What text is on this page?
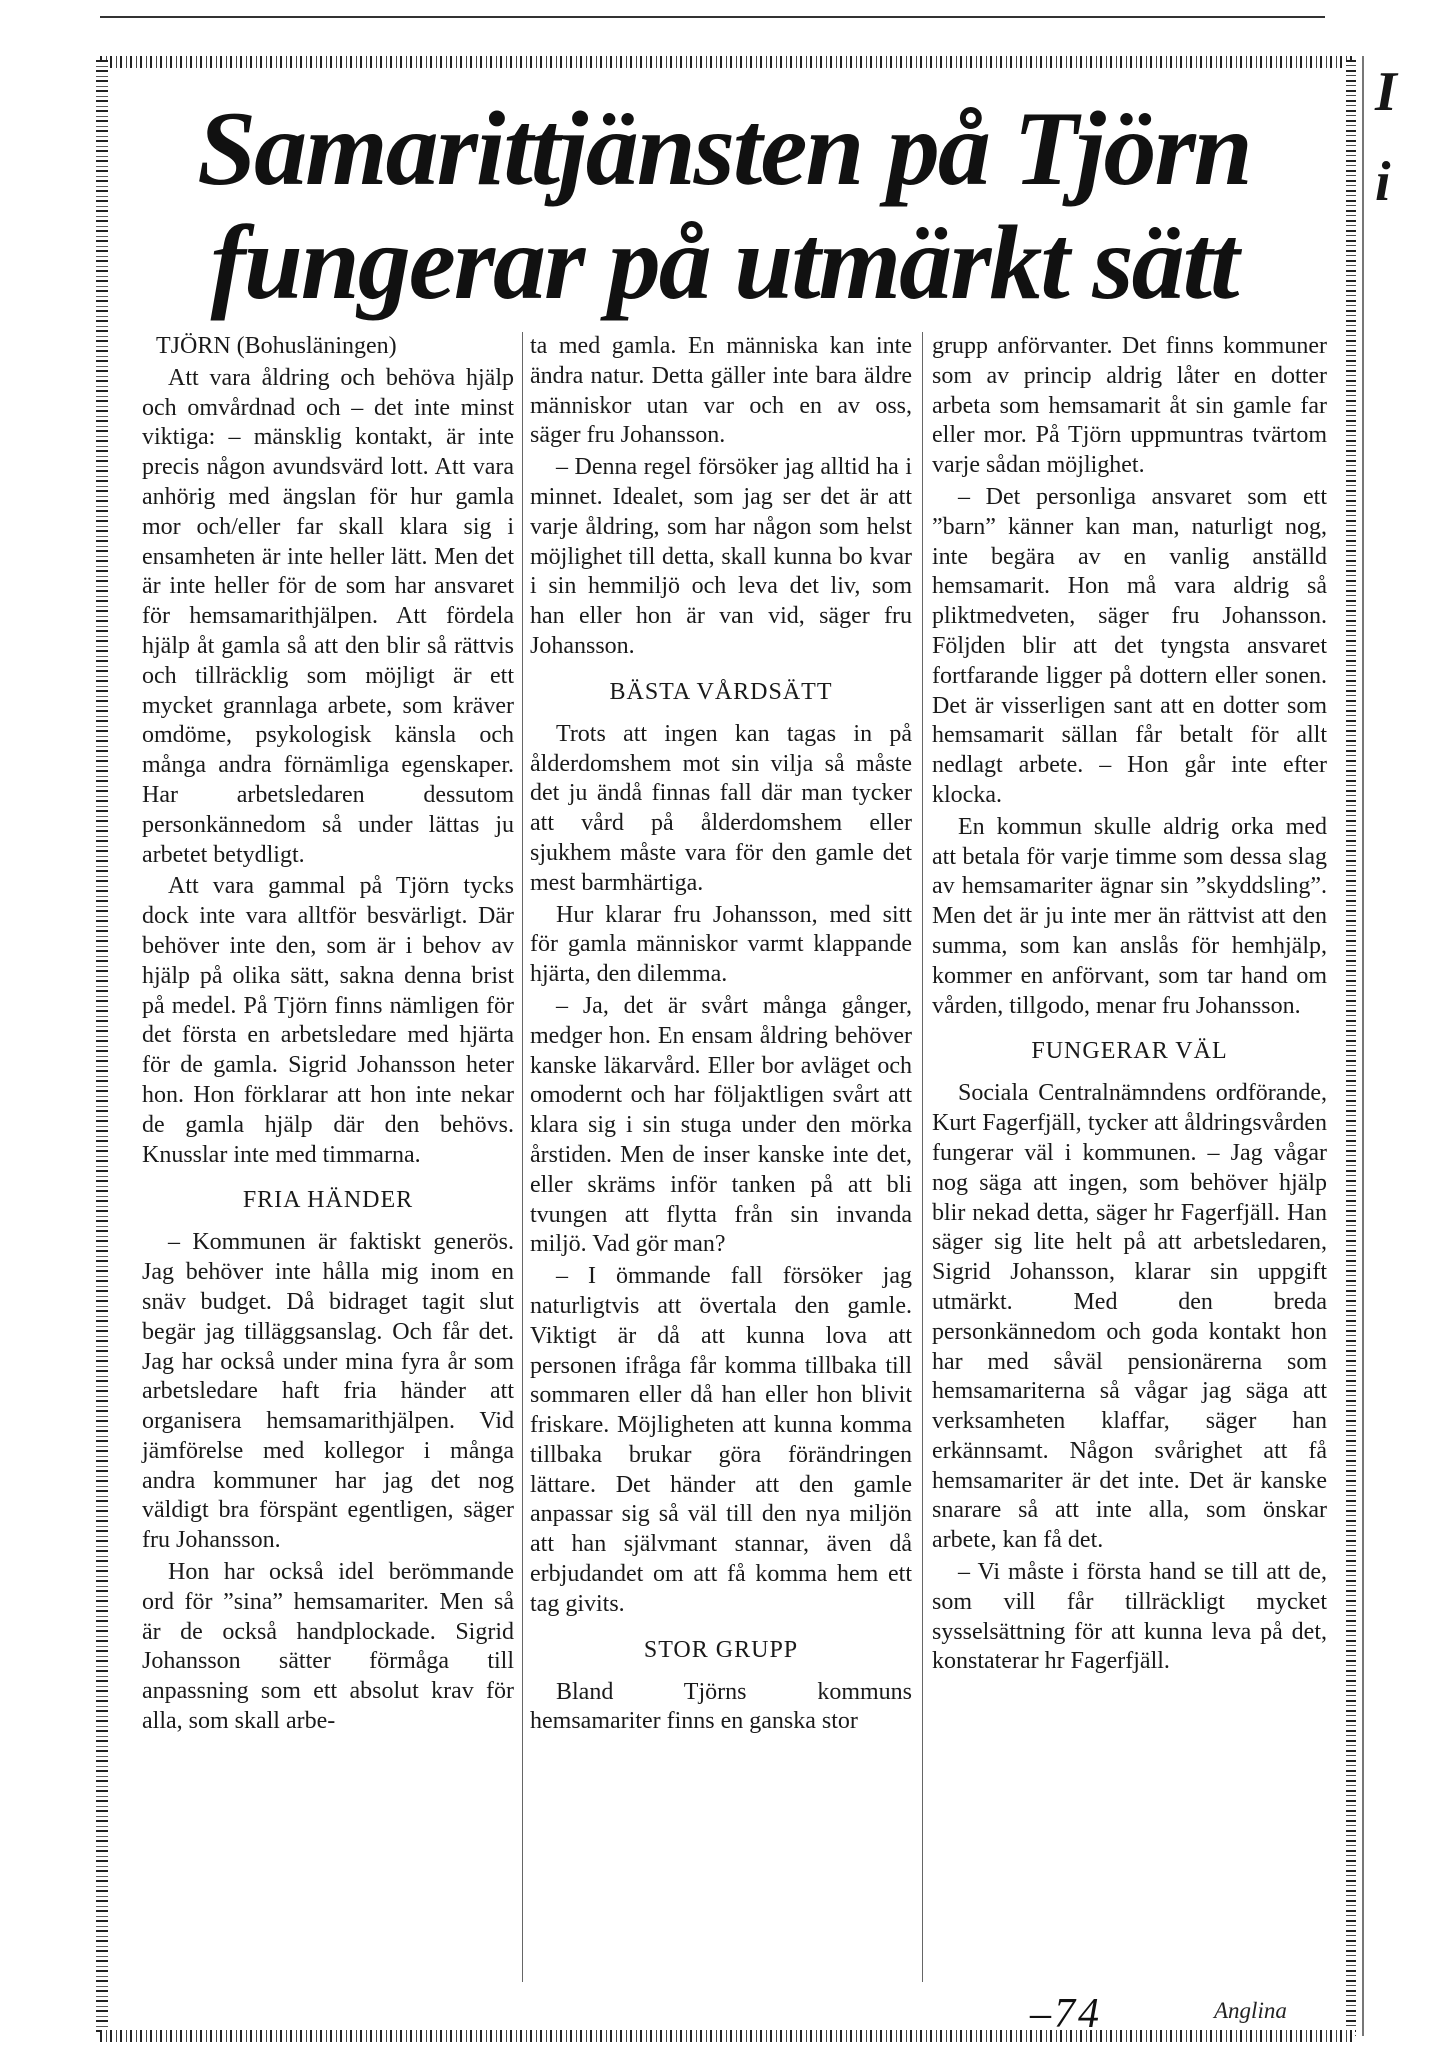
I
i
Samarittjänsten på Tjörn
fungerar på utmärkt sätt

TJÖRN (Bohusläningen)

Att vara åldring och behöva hjälp och omvårdnad och – det inte minst viktiga: – mänsklig kontakt, är inte precis någon avundsvärd lott. Att vara anhörig med ängslan för hur gamla mor och/eller far skall klara sig i ensamheten är inte heller lätt. Men det är inte heller för de som har ansvaret för hemsamarithjälpen. Att fördela hjälp åt gamla så att den blir så rättvis och tillräcklig som möjligt är ett mycket grannlaga arbete, som kräver omdöme, psykologisk känsla och många andra förnämliga egenskaper. Har arbetsledaren dessutom personkännedom så under lättas ju arbetet betydligt.

Att vara gammal på Tjörn tycks dock inte vara alltför besvärligt. Där behöver inte den, som är i behov av hjälp på olika sätt, sakna denna brist på medel. På Tjörn finns nämligen för det första en arbetsledare med hjärta för de gamla. Sigrid Johansson heter hon. Hon förklarar att hon inte nekar de gamla hjälp där den behövs. Knusslar inte med timmarna.

FRIA HÄNDER

– Kommunen är faktiskt generös. Jag behöver inte hålla mig inom en snäv budget. Då bidraget tagit slut begär jag tilläggsanslag. Och får det. Jag har också under mina fyra år som arbetsledare haft fria händer att organisera hemsamarithjälpen. Vid jämförelse med kollegor i många andra kommuner har jag det nog väldigt bra förspänt egentligen, säger fru Johansson.

Hon har också idel berömmande ord för ”sina” hemsamariter. Men så är de också handplockade. Sigrid Johansson sätter förmåga till anpassning som ett absolut krav för alla, som skall arbe-

ta med gamla. En människa kan inte ändra natur. Detta gäller inte bara äldre människor utan var och en av oss, säger fru Johansson.

– Denna regel försöker jag alltid ha i minnet. Idealet, som jag ser det är att varje åldring, som har någon som helst möjlighet till detta, skall kunna bo kvar i sin hemmiljö och leva det liv, som han eller hon är van vid, säger fru Johansson.

BÄSTA VÅRDSÄTT

Trots att ingen kan tagas in på ålderdomshem mot sin vilja så måste det ju ändå finnas fall där man tycker att vård på ålderdomshem eller sjukhem måste vara för den gamle det mest barmhärtiga.

Hur klarar fru Johansson, med sitt för gamla människor varmt klappande hjärta, den dilemma.

– Ja, det är svårt många gånger, medger hon. En ensam åldring behöver kanske läkarvård. Eller bor avläget och omodernt och har följaktligen svårt att klara sig i sin stuga under den mörka årstiden. Men de inser kanske inte det, eller skräms inför tanken på att bli tvungen att flytta från sin invanda miljö. Vad gör man?

– I ömmande fall försöker jag naturligtvis att övertala den gamle. Viktigt är då att kunna lova att personen ifråga får komma tillbaka till sommaren eller då han eller hon blivit friskare. Möjligheten att kunna komma tillbaka brukar göra förändringen lättare. Det händer att den gamle anpassar sig så väl till den nya miljön att han självmant stannar, även då erbjudandet om att få komma hem ett tag givits.

STOR GRUPP

Bland Tjörns kommuns hemsamariter finns en ganska stor

grupp anförvanter. Det finns kommuner som av princip aldrig låter en dotter arbeta som hemsamarit åt sin gamle far eller mor. På Tjörn uppmuntras tvärtom varje sådan möjlighet.

– Det personliga ansvaret som ett ”barn” känner kan man, naturligt nog, inte begära av en vanlig anställd hemsamarit. Hon må vara aldrig så pliktmedveten, säger fru Johansson. Följden blir att det tyngsta ansvaret fortfarande ligger på dottern eller sonen. Det är visserligen sant att en dotter som hemsamarit sällan får betalt för allt nedlagt arbete. – Hon går inte efter klocka.

En kommun skulle aldrig orka med att betala för varje timme som dessa slag av hemsamariter ägnar sin ”skyddsling”. Men det är ju inte mer än rättvist att den summa, som kan anslås för hemhjälp, kommer en anförvant, som tar hand om vården, tillgodo, menar fru Johansson.

FUNGERAR VÄL

Sociala Centralnämndens ordförande, Kurt Fagerfjäll, tycker att åldringsvården fungerar väl i kommunen. – Jag vågar nog säga att ingen, som behöver hjälp blir nekad detta, säger hr Fagerfjäll. Han säger sig lite helt på att arbetsledaren, Sigrid Johansson, klarar sin uppgift utmärkt. Med den breda personkännedom och goda kontakt hon har med såväl pensionärerna som hemsamariterna så vågar jag säga att verksamheten klaffar, säger han erkännsamt. Någon svårighet att få hemsamariter är det inte. Det är kanske snarare så att inte alla, som önskar arbete, kan få det.

– Vi måste i första hand se till att de, som vill får tillräckligt mycket sysselsättning för att kunna leva på det, konstaterar hr Fagerfjäll.

–74	Anglina
